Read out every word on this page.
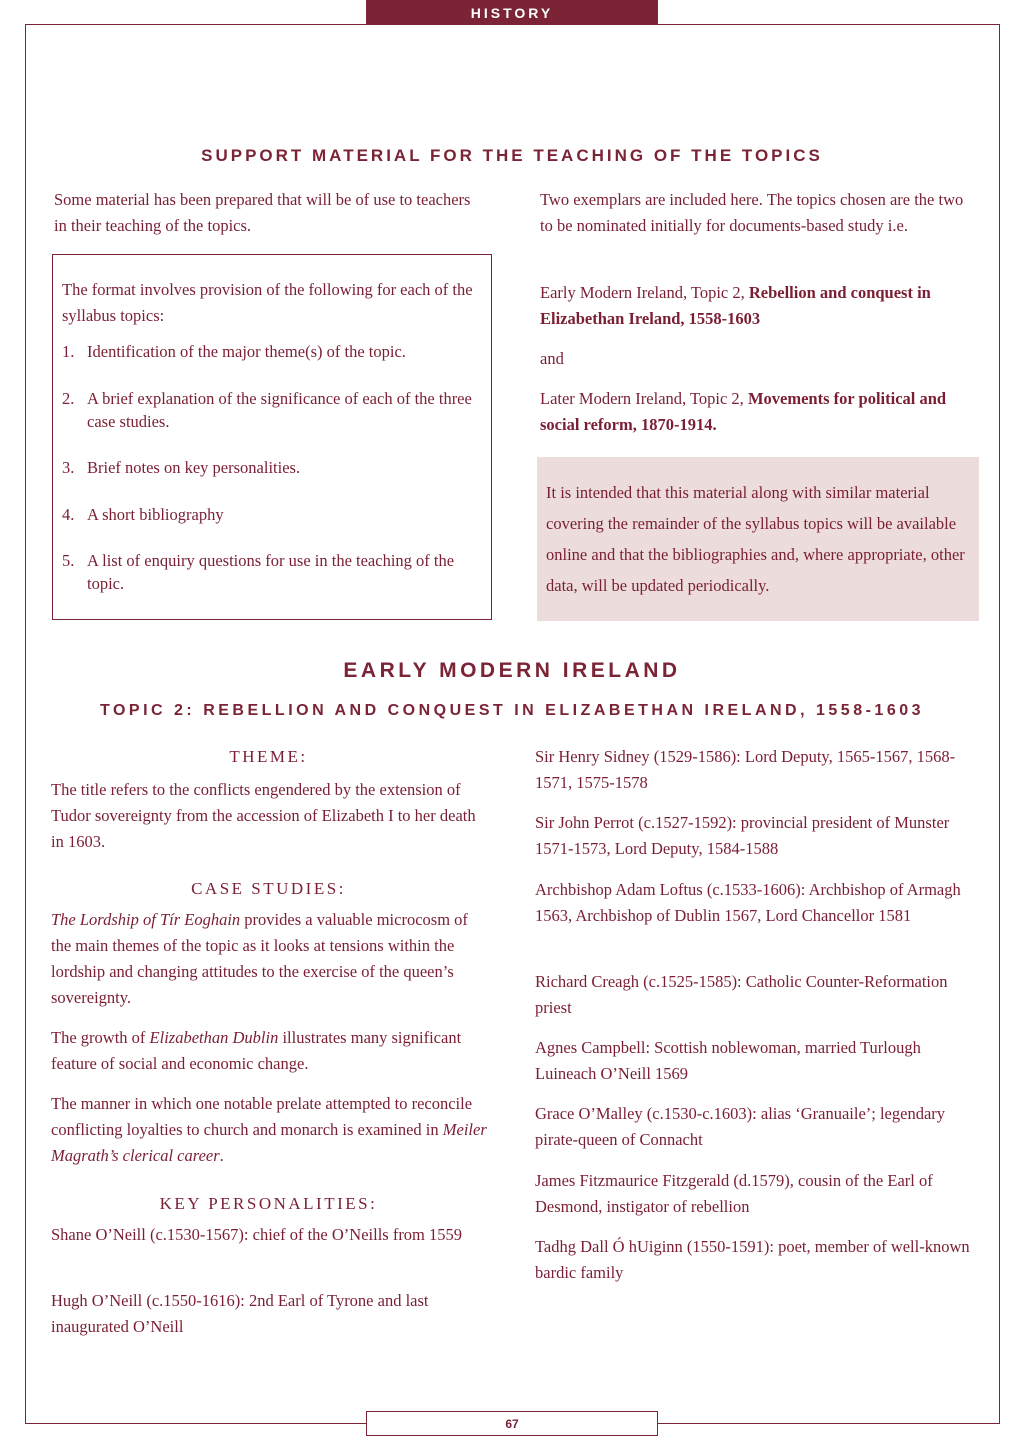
HISTORY
SUPPORT MATERIAL FOR THE TEACHING OF THE TOPICS

Some material has been prepared that will be of use to teachers in their teaching of the topics.

The format involves provision of the following for each of the syllabus topics:
1. Identification of the major theme(s) of the topic.
2. A brief explanation of the significance of each of the three case studies.
3. Brief notes on key personalities.
4. A short bibliography
5. A list of enquiry questions for use in the teaching of the topic.

Two exemplars are included here. The topics chosen are the two to be nominated initially for documents-based study i.e.

Early Modern Ireland, Topic 2, Rebellion and conquest in Elizabethan Ireland, 1558-1603

and

Later Modern Ireland, Topic 2, Movements for political and social reform, 1870-1914.

It is intended that this material along with similar material covering the remainder of the syllabus topics will be available online and that the bibliographies and, where appropriate, other data, will be updated periodically.
EARLY MODERN IRELAND
TOPIC 2: REBELLION AND CONQUEST IN ELIZABETHAN IRELAND, 1558-1603
THEME:

The title refers to the conflicts engendered by the extension of Tudor sovereignty from the accession of Elizabeth I to her death in 1603.

CASE STUDIES:

The Lordship of Tír Eoghain provides a valuable microcosm of the main themes of the topic as it looks at tensions within the lordship and changing attitudes to the exercise of the queen’s sovereignty.

The growth of Elizabethan Dublin illustrates many significant feature of social and economic change.

The manner in which one notable prelate attempted to reconcile conflicting loyalties to church and monarch is examined in Meiler Magrath’s clerical career.

KEY PERSONALITIES:

Shane O’Neill (c.1530-1567): chief of the O’Neills from 1559

Hugh O’Neill (c.1550-1616): 2nd Earl of Tyrone and last inaugurated O’Neill

Sir Henry Sidney (1529-1586): Lord Deputy, 1565-1567, 1568-1571, 1575-1578

Sir John Perrot (c.1527-1592): provincial president of Munster 1571-1573, Lord Deputy, 1584-1588

Archbishop Adam Loftus (c.1533-1606): Archbishop of Armagh 1563, Archbishop of Dublin 1567, Lord Chancellor 1581

Richard Creagh (c.1525-1585): Catholic Counter-Reformation priest

Agnes Campbell: Scottish noblewoman, married Turlough Luineach O’Neill 1569

Grace O’Malley (c.1530-c.1603): alias ‘Granuaile’; legendary pirate-queen of Connacht

James Fitzmaurice Fitzgerald (d.1579), cousin of the Earl of Desmond, instigator of rebellion

Tadhg Dall Ó hUiginn (1550-1591): poet, member of well-known bardic family

67
